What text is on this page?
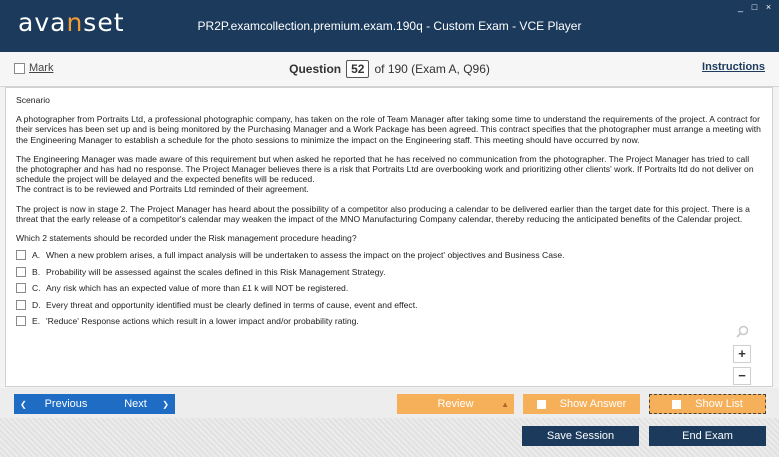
avanset	PR2P.examcollection.premium.exam.190q - Custom Exam - VCE Player
_ □ ×
Mark	Question 52 of 190 (Exam A, Q96)	Instructions

Scenario

A photographer from Portraits Ltd, a professional photographic company, has taken on the role of Team Manager after taking some time to understand the requirements of the project. A contract for their services has been set up and is being monitored by the Purchasing Manager and a Work Package has been agreed. This contract specifies that the photographer must arrange a meeting with the Engineering Manager to establish a schedule for the photo sessions to minimize the impact on the Engineering staff. This meeting should have occurred by now.

The Engineering Manager was made aware of this requirement but when asked he reported that he has received no communication from the photographer. The Project Manager has tried to call the photographer and has had no response. The Project Manager believes there is a risk that Portraits Ltd are overbooking work and prioritizing other clients' work. If Portraits ltd do not deliver on schedule the project will be delayed and the expected benefits will be reduced.

The contract is to be reviewed and Portraits Ltd reminded of their agreement.

The project is now in stage 2. The Project Manager has heard about the possibility of a competitor also producing a calendar to be delivered earlier than the target date for this project. There is a threat that the early release of a competitor's calendar may weaken the impact of the MNO Manufacturing Company calendar, thereby reducing the anticipated benefits of the Calendar project.

Which 2 statements should be recorded under the Risk management procedure heading?

A. When a new problem arises, a full impact analysis will be undertaken to assess the impact on the project' objectives and Business Case.
B. Probability will be assessed against the scales defined in this Risk Management Strategy.
C. Any risk which has an expected value of more than £1 k will NOT be registered.
D. Every threat and opportunity identified must be clearly defined in terms of cause, event and effect.
E. 'Reduce' Response actions which result in a lower impact and/or probability rating.
+
−
❮ Previous	Next ❯	Review	▲	Show Answer	Show List
Save Session	End Exam
